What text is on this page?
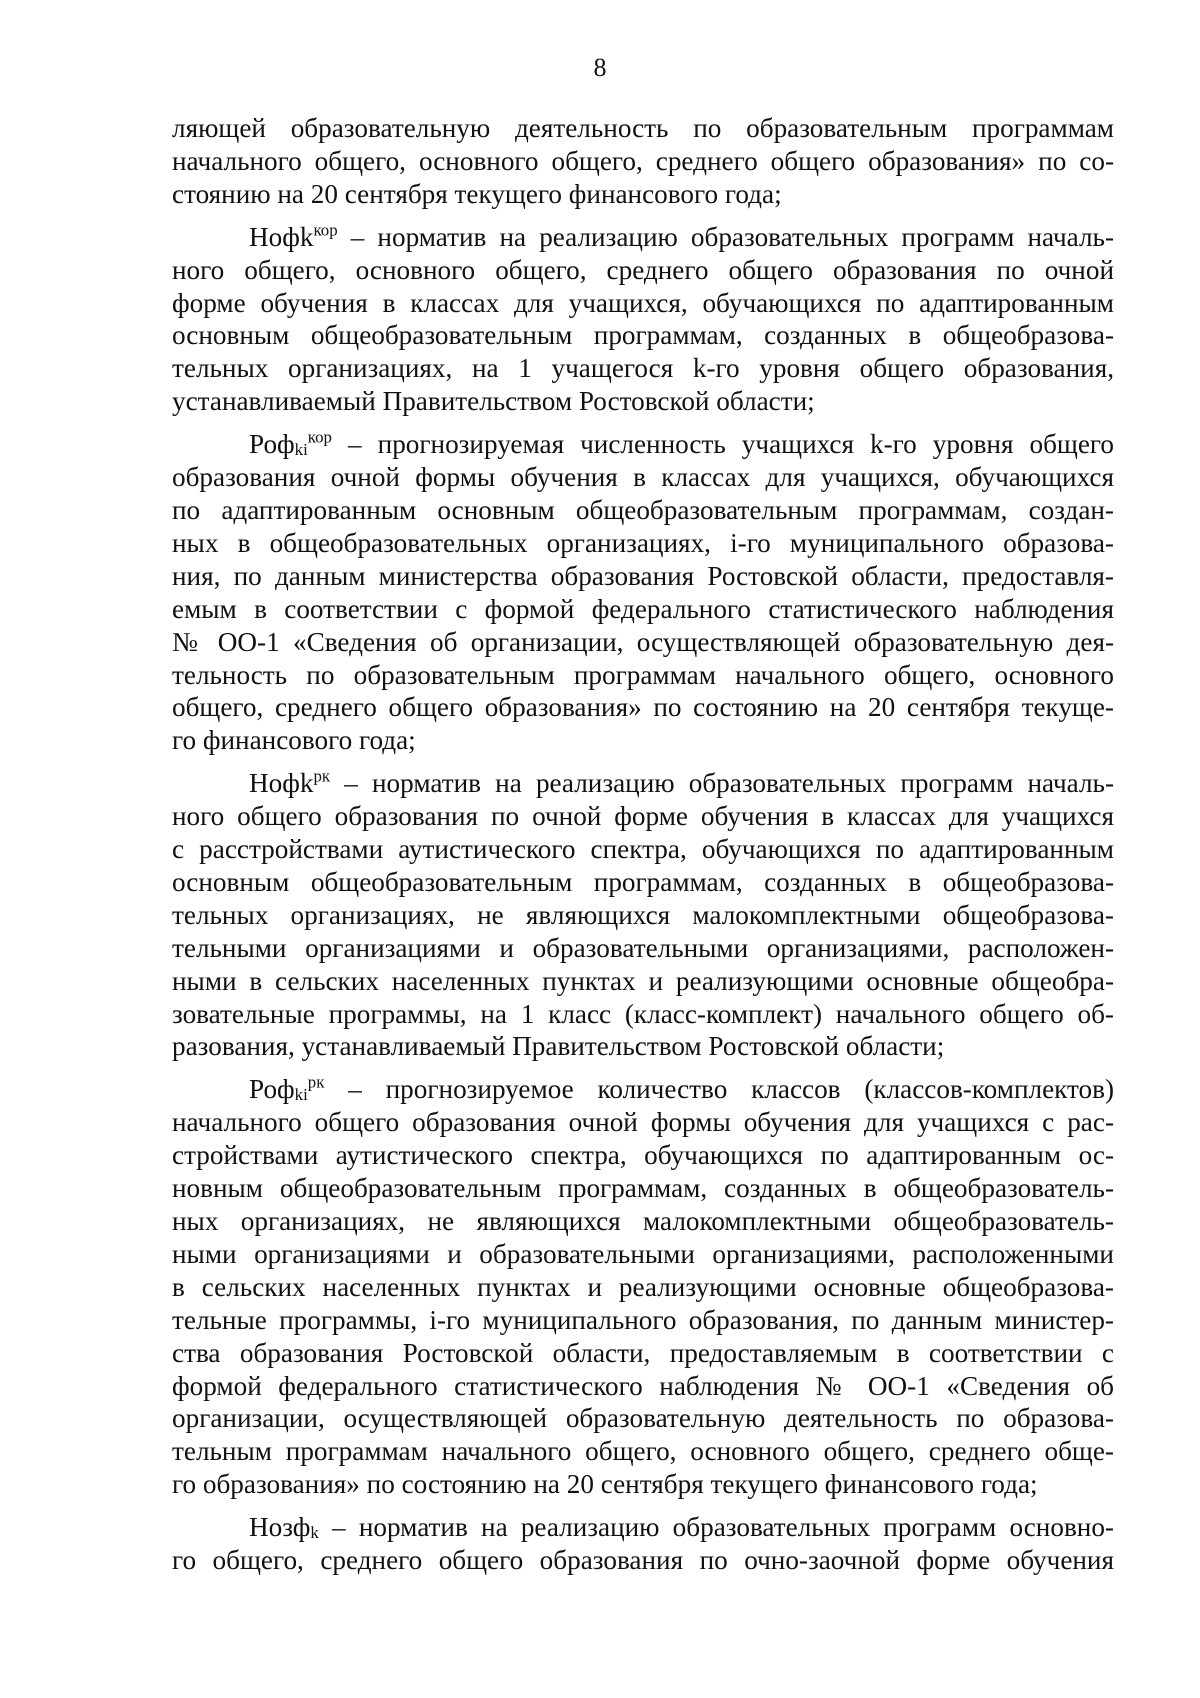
8
ляющей образовательную деятельность по образовательным программам
начального общего, основного общего, среднего общего образования» по со-
стоянию на 20 сентября текущего финансового года;
Нофk$^{кор}$ – норматив на реализацию образовательных программ началь-
ного общего, основного общего, среднего общего образования по очной
форме обучения в классах для учащихся, обучающихся по адаптированным
основным общеобразовательным программам, созданных в общеобразова-
тельных организациях, на 1 учащегося k-го уровня общего образования,
устанавливаемый Правительством Ростовской области;
Роф$_{ki}^{кор}$ – прогнозируемая численность учащихся k-го уровня общего
образования очной формы обучения в классах для учащихся, обучающихся
по адаптированным основным общеобразовательным программам, создан-
ных в общеобразовательных организациях, i-го муниципального образова-
ния, по данным министерства образования Ростовской области, предоставля-
емым в соответствии с формой федерального статистического наблюдения
№ ОО-1 «Сведения об организации, осуществляющей образовательную дея-
тельность по образовательным программам начального общего, основного
общего, среднего общего образования» по состоянию на 20 сентября текуще-
го финансового года;
Нофk$^{рк}$ – норматив на реализацию образовательных программ началь-
ного общего образования по очной форме обучения в классах для учащихся
с расстройствами аутистического спектра, обучающихся по адаптированным
основным общеобразовательным программам, созданных в общеобразова-
тельных организациях, не являющихся малокомплектными общеобразова-
тельными организациями и образовательными организациями, расположен-
ными в сельских населенных пунктах и реализующими основные общеобра-
зовательные программы, на 1 класс (класс-комплект) начального общего об-
разования, устанавливаемый Правительством Ростовской области;
Роф$_{ki}^{рк}$ – прогнозируемое количество классов (классов-комплектов)
начального общего образования очной формы обучения для учащихся с рас-
стройствами аутистического спектра, обучающихся по адаптированным ос-
новным общеобразовательным программам, созданных в общеобразователь-
ных организациях, не являющихся малокомплектными общеобразователь-
ными организациями и образовательными организациями, расположенными
в сельских населенных пунктах и реализующими основные общеобразова-
тельные программы, i-го муниципального образования, по данным министер-
ства образования Ростовской области, предоставляемым в соответствии с
формой федерального статистического наблюдения № ОО-1 «Сведения об
организации, осуществляющей образовательную деятельность по образова-
тельным программам начального общего, основного общего, среднего обще-
го образования» по состоянию на 20 сентября текущего финансового года;
Нозф$_k$ – норматив на реализацию образовательных программ основно-
го общего, среднего общего образования по очно-заочной форме обучения
